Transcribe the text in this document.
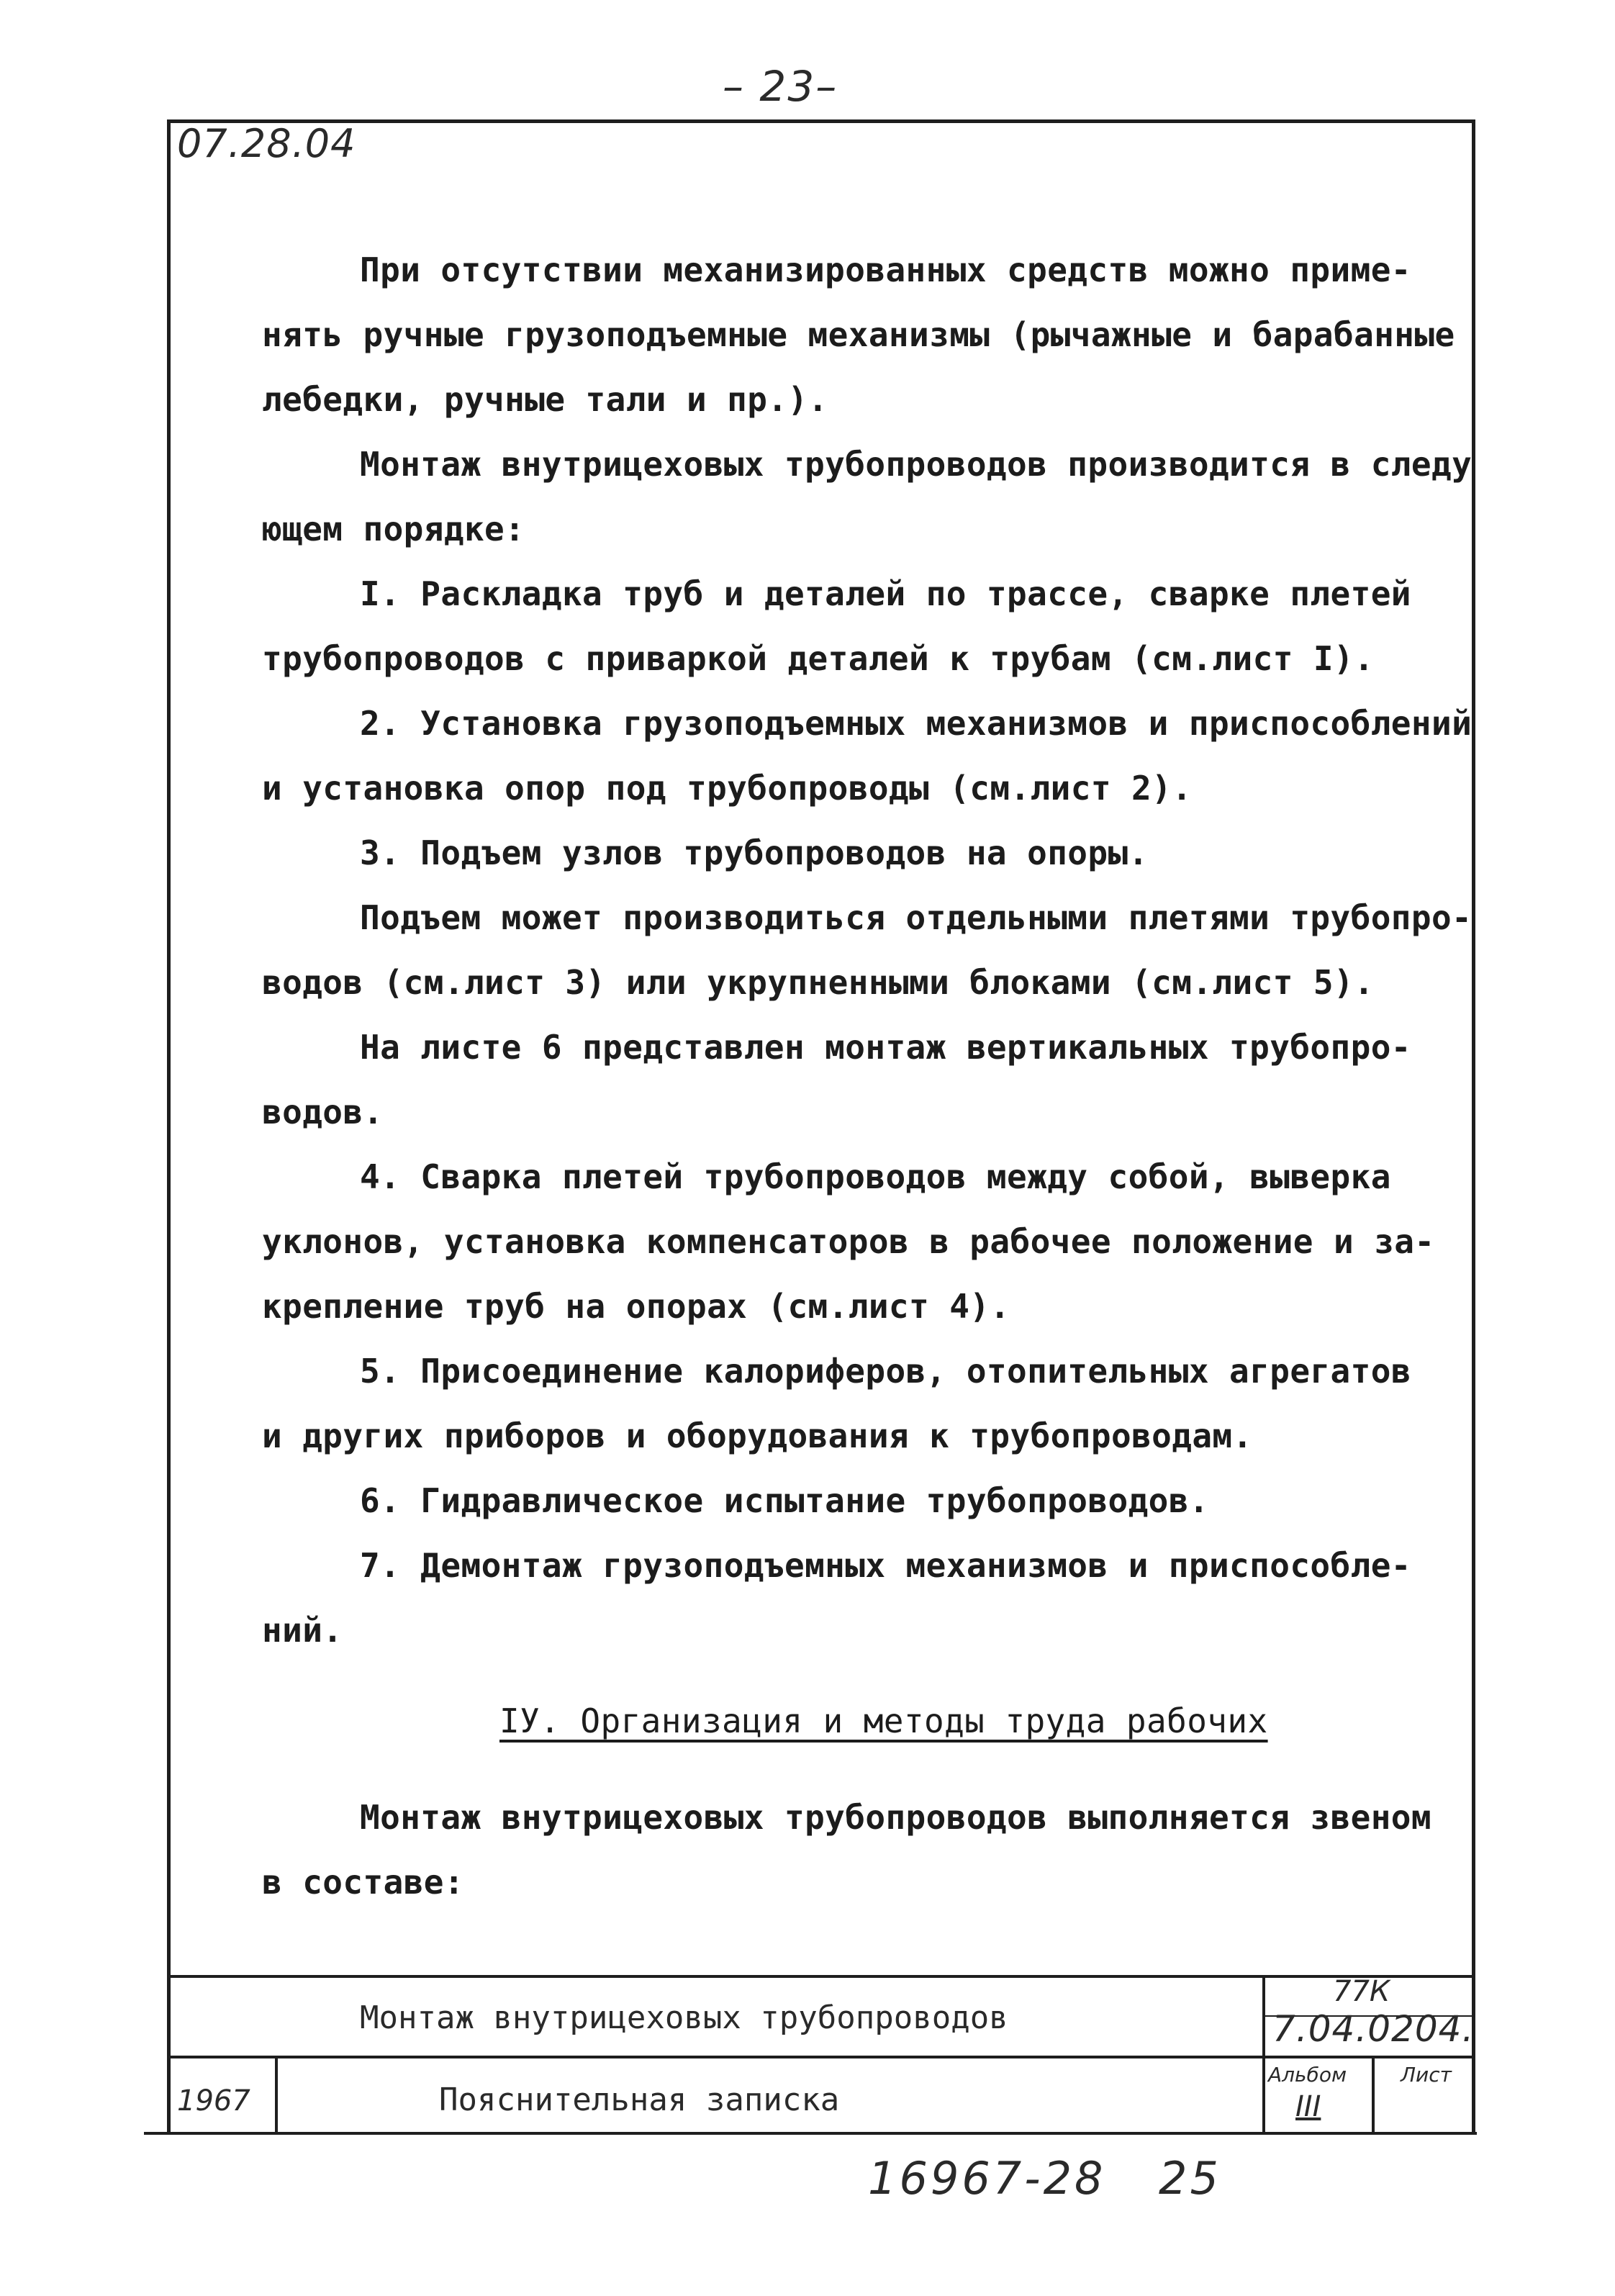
– 23–
07.28.04

При отсутствии механизированных средств можно приме-

нять ручные грузоподъемные механизмы (рычажные и барабанные

лебедки, ручные тали и пр.).

Монтаж внутрицеховых трубопроводов производится в следу

ющем порядке:

I. Раскладка труб и деталей по трассе, сварке плетей

трубопроводов с приваркой деталей к трубам (см.лист I).

2. Установка грузоподъемных механизмов и приспособлений

и установка опор под трубопроводы (см.лист 2).

3. Подъем узлов трубопроводов на опоры.

Подъем может производиться отдельными плетями трубопро-

водов (см.лист 3) или укрупненными блоками (см.лист 5).

На листе 6 представлен монтаж вертикальных трубопро-

водов.

4. Сварка плетей трубопроводов между собой, выверка

уклонов, установка компенсаторов в рабочее положение и за-

крепление труб на опорах (см.лист 4).

5. Присоединение калориферов, отопительных агрегатов

и других приборов и оборудования к трубопроводам.

6. Гидравлическое испытание трубопроводов.

7. Демонтаж грузоподъемных механизмов и приспособле-

ний.

IУ. Организация и методы труда рабочих

Монтаж внутрицеховых трубопроводов выполняется звеном

в составе:

Монтаж внутрицеховых трубопроводов
Пояснительная записка
1967
77К
7.04.0204.
Альбом
III
Лист
16967-28 25
